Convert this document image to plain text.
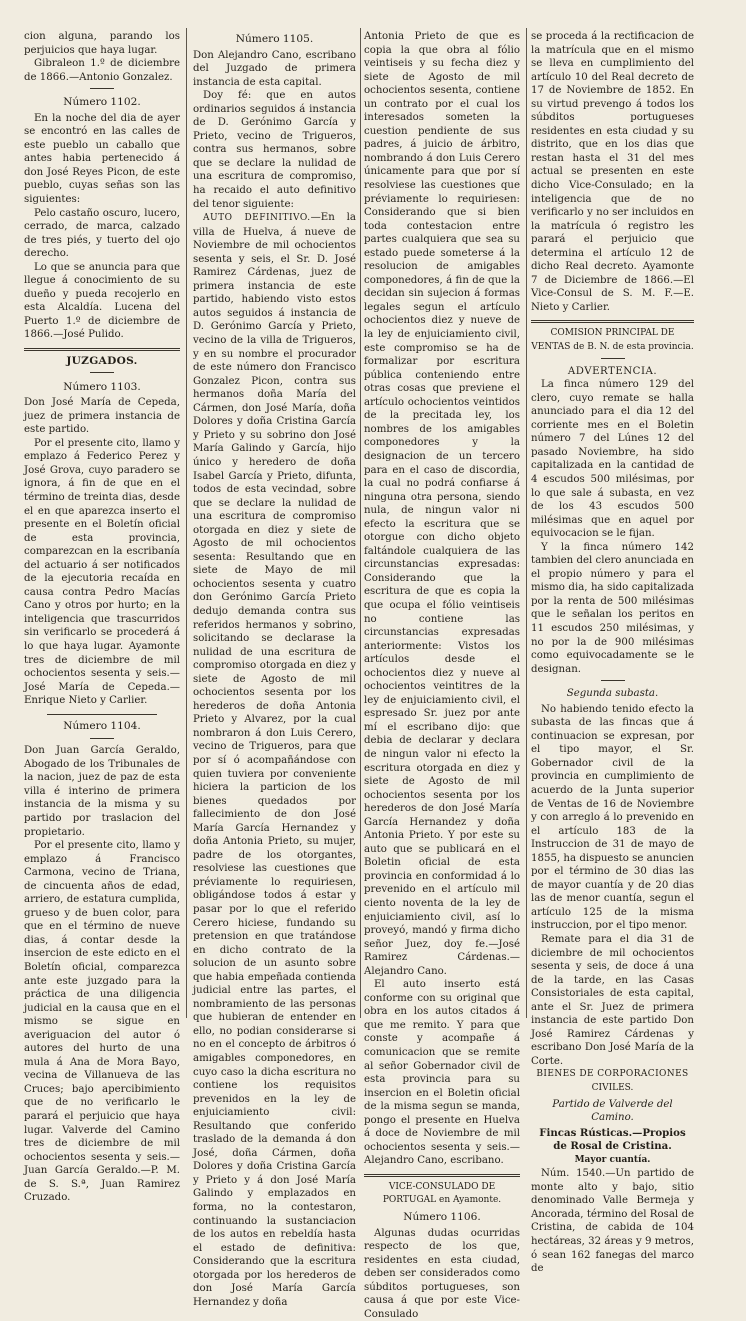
cion alguna, parando los perjuicios que haya lugar.

Gibraleon 1.º de diciembre de 1866.—Antonio Gonzalez.

Número 1102.

En la noche del dia de ayer se encontró en las calles de este pueblo un caballo que antes habia pertenecido á don José Reyes Picon, de este pueblo, cuyas señas son las siguientes:

Pelo castaño oscuro, lucero, cerrado, de marca, calzado de tres piés, y tuerto del ojo derecho.

Lo que se anuncia para que llegue á conocimiento de su dueño y pueda recojerlo en esta Alcaldía. Lucena del Puerto 1.º de diciembre de 1866.—José Pulido.

JUZGADOS.
Número 1103.

Don José María de Cepeda, juez de primera instancia de este partido.

Por el presente cito, llamo y emplazo á Federico Perez y José Grova, cuyo paradero se ignora, á fin de que en el término de treinta dias, desde el en que aparezca inserto el presente en el Boletín oficial de esta provincia, comparezcan en la escribanía del actuario á ser notificados de la ejecutoria recaída en causa contra Pedro Macías Cano y otros por hurto; en la inteligencia que trascurridos sin verificarlo se procederá á lo que haya lugar. Ayamonte tres de diciembre de mil ochocientos sesenta y seis.—José María de Cepeda.—Enrique Nieto y Carlier.

Número 1104.

Don Juan García Geraldo, Abogado de los Tribunales de la nacion, juez de paz de esta villa é interino de primera instancia de la misma y su partido por traslacion del propietario.

Por el presente cito, llamo y emplazo á Francisco Carmona, vecino de Triana, de cincuenta años de edad, arriero, de estatura cumplida, grueso y de buen color, para que en el término de nueve dias, á contar desde la insercion de este edicto en el Boletín oficial, comparezca ante este juzgado para la práctica de una diligencia judicial en la causa que en el mismo se sigue en averiguacion del autor ó autores del hurto de una mula á Ana de Mora Bayo, vecina de Villanueva de las Cruces; bajo apercibimiento que de no verificarlo le parará el perjuicio que haya lugar. Valverde del Camino tres de diciembre de mil ochocientos sesenta y seis.—Juan García Geraldo.—P. M. de S. S.ª, Juan Ramirez Cruzado.

Número 1105.

Don Alejandro Cano, escribano del Juzgado de primera instancia de esta capital.

Doy fé: que en autos ordinarios seguidos á instancia de D. Gerónimo García y Prieto, vecino de Trigueros, contra sus hermanos, sobre que se declare la nulidad de una escritura de compromiso, ha recaido el auto definitivo del tenor siguiente:

AUTO DEFINITIVO.—En la villa de Huelva, á nueve de Noviembre de mil ochocientos sesenta y seis, el Sr. D. José Ramirez Cárdenas, juez de primera instancia de este partido, habiendo visto estos autos seguidos á instancia de D. Gerónimo García y Prieto, vecino de la villa de Trigueros, y en su nombre el procurador de este número don Francisco Gonzalez Picon, contra sus hermanos doña María del Cármen, don José María, doña Dolores y doña Cristina García y Prieto y su sobrino don José María Galindo y García, hijo único y heredero de doña Isabel García y Prieto, difunta, todos de esta vecindad, sobre que se declare la nulidad de una escritura de compromiso otorgada en diez y siete de Agosto de mil ochocientos sesenta: Resultando que en siete de Mayo de mil ochocientos sesenta y cuatro don Gerónimo García Prieto dedujo demanda contra sus referidos hermanos y sobrino, solicitando se declarase la nulidad de una escritura de compromiso otorgada en diez y siete de Agosto de mil ochocientos sesenta por los herederos de doña Antonia Prieto y Alvarez, por la cual nombraron á don Luis Cerero, vecino de Trigueros, para que por sí ó acompañándose con quien tuviera por conveniente hiciera la particion de los bienes quedados por fallecimiento de don José María García Hernandez y doña Antonia Prieto, su mujer, padre de los otorgantes, resolviese las cuestiones que préviamente lo requiriesen, obligándose todos á estar y pasar por lo que el referido Cerero hiciese, fundando su pretension en que tratándose en dicho contrato de la solucion de un asunto sobre que habia empeñada contienda judicial entre las partes, el nombramiento de las personas que hubieran de entender en ello, no podian considerarse si no en el concepto de árbitros ó amigables componedores, en cuyo caso la dicha escritura no contiene los requisitos prevenidos en la ley de enjuiciamiento civil: Resultando que conferido traslado de la demanda á don José, doña Cármen, doña Dolores y doña Cristina García y Prieto y á don José María Galindo y emplazados en forma, no la contestaron, continuando la sustanciacion de los autos en rebeldía hasta el estado de definitiva: Considerando que la escritura otorgada por los herederos de don José María García Hernandez y doña

Antonia Prieto de que es copia la que obra al fólio veintiseis y su fecha diez y siete de Agosto de mil ochocientos sesenta, contiene un contrato por el cual los interesados someten la cuestion pendiente de sus padres, á juicio de árbitro, nombrando á don Luis Cerero únicamente para que por sí resolviese las cuestiones que préviamente lo requiriesen: Considerando que si bien toda contestacion entre partes cualquiera que sea su estado puede someterse á la resolucion de amigables componedores, á fin de que la decidan sin sujecion á formas legales segun el artículo ochocientos diez y nueve de la ley de enjuiciamiento civil, este compromiso se ha de formalizar por escritura pública conteniendo entre otras cosas que previene el artículo ochocientos veintidos de la precitada ley, los nombres de los amigables componedores y la designacion de un tercero para en el caso de discordia, la cual no podrá confiarse á ninguna otra persona, siendo nula, de ningun valor ni efecto la escritura que se otorgue con dicho objeto faltándole cualquiera de las circunstancias expresadas: Considerando que la escritura de que es copia la que ocupa el fólio veintiseis no contiene las circunstancias expresadas anteriormente: Vistos los artículos desde el ochocientos diez y nueve al ochocientos veintitres de la ley de enjuiciamiento civil, el espresado Sr. juez por ante mí el escribano dijo: que debia de declarar y declara de ningun valor ni efecto la escritura otorgada en diez y siete de Agosto de mil ochocientos sesenta por los herederos de don José María García Hernandez y doña Antonia Prieto. Y por este su auto que se publicará en el Boletin oficial de esta provincia en conformidad á lo prevenido en el artículo mil ciento noventa de la ley de enjuiciamiento civil, así lo proveyó, mandó y firma dicho señor Juez, doy fe.—José Ramirez Cárdenas.—Alejandro Cano.

El auto inserto está conforme con su original que obra en los autos citados á que me remito. Y para que conste y acompañe á comunicacion que se remite al señor Gobernador civil de esta provincia para su insercion en el Boletin oficial de la misma segun se manda, pongo el presente en Huelva á doce de Noviembre de mil ochocientos sesenta y seis.—Alejandro Cano, escribano.

VICE-CONSULADO DE PORTUGAL en Ayamonte.
Número 1106.

Algunas dudas ocurridas respecto de los que, residentes en esta ciudad, deben ser considerados como súbditos portugueses, son causa á que por este Vice-Consulado

se proceda á la rectificacion de la matrícula que en el mismo se lleva en cumplimiento del artículo 10 del Real decreto de 17 de Noviembre de 1852. En su virtud prevengo á todos los súbditos portugueses residentes en esta ciudad y su distrito, que en los dias que restan hasta el 31 del mes actual se presenten en este dicho Vice-Consulado; en la inteligencia que de no verificarlo y no ser incluidos en la matrícula ó registro les parará el perjuicio que determina el artículo 12 de dicho Real decreto. Ayamonte 7 de Diciembre de 1866.—El Vice-Consul de S. M. F.—E. Nieto y Carlier.

COMISION PRINCIPAL DE VENTAS de B. N. de esta provincia.
ADVERTENCIA.

La finca número 129 del clero, cuyo remate se halla anunciado para el dia 12 del corriente mes en el Boletin número 7 del Lúnes 12 del pasado Noviembre, ha sido capitalizada en la cantidad de 4 escudos 500 milésimas, por lo que sale á subasta, en vez de los 43 escudos 500 milésimas que en aquel por equivocacion se le fijan.

Y la finca número 142 tambien del clero anunciada en el propio número y para el mismo dia, ha sido capitalizada por la renta de 500 milésimas que le señalan los peritos en 11 escudos 250 milésimas, y no por la de 900 milésimas como equivocadamente se le designan.

Segunda subasta.

No habiendo tenido efecto la subasta de las fincas que á continuacion se expresan, por el tipo mayor, el Sr. Gobernador civil de la provincia en cumplimiento de acuerdo de la Junta superior de Ventas de 16 de Noviembre y con arreglo á lo prevenido en el artículo 183 de la Instruccion de 31 de mayo de 1855, ha dispuesto se anuncien por el término de 30 dias las de mayor cuantía y de 20 dias las de menor cuantía, segun el artículo 125 de la misma instruccion, por el tipo menor.

Remate para el dia 31 de diciembre de mil ochocientos sesenta y seis, de doce á una de la tarde, en las Casas Consistoriales de esta capital, ante el Sr. Juez de primera instancia de este partido Don José Ramirez Cárdenas y escribano Don José María de la Corte.

BIENES DE CORPORACIONES
CIVILES.
Partido de Valverde del Camino.
Fincas Rústicas.—Propios de Rosal de Cristina.
Mayor cuantía.

Núm. 1540.—Un partido de monte alto y bajo, sitio denominado Valle Bermeja y Ancorada, término del Rosal de Cristina, de cabida de 104 hectáreas, 32 áreas y 9 metros, ó sean 162 fanegas del marco de
